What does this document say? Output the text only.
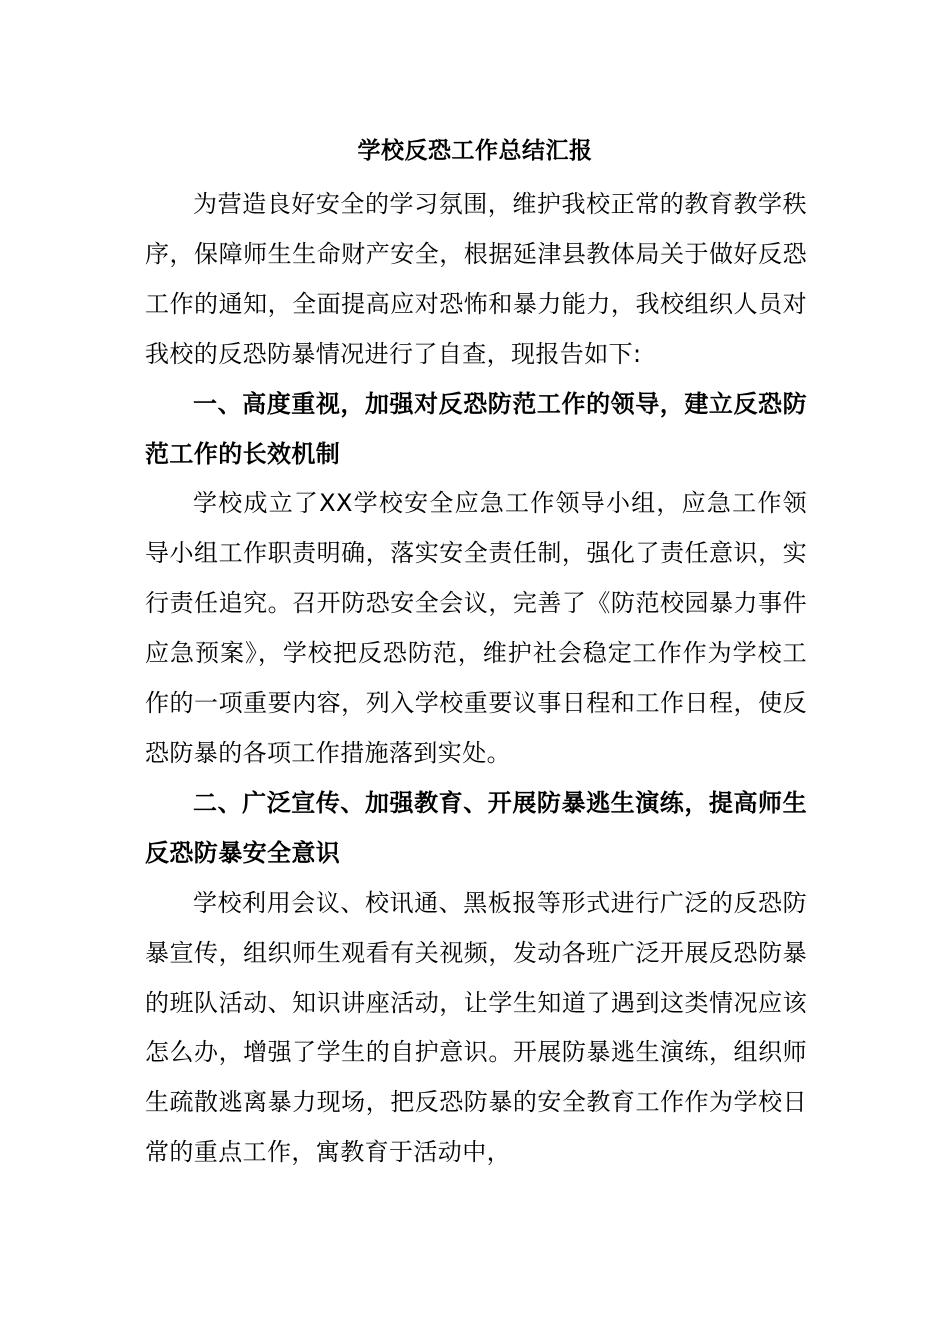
学校反恐工作总结汇报

为营造良好安全的学习氛围，维护我校正常的教育教学秩序，保障师生生命财产安全，根据延津县教体局关于做好反恐工作的通知，全面提高应对恐怖和暴力能力，我校组织人员对我校的反恐防暴情况进行了自查，现报告如下:

一、高度重视，加强对反恐防范工作的领导，建立反恐防范工作的长效机制

学校成立了XX学校安全应急工作领导小组，应急工作领导小组工作职责明确，落实安全责任制，强化了责任意识，实行责任追究。召开防恐安全会议，完善了《防范校园暴力事件应急预案》，学校把反恐防范，维护社会稳定工作作为学校工作的一项重要内容，列入学校重要议事日程和工作日程，使反恐防暴的各项工作措施落到实处。

二、广泛宣传、加强教育、开展防暴逃生演练，提高师生反恐防暴安全意识

学校利用会议、校讯通、黑板报等形式进行广泛的反恐防暴宣传，组织师生观看有关视频，发动各班广泛开展反恐防暴的班队活动、知识讲座活动，让学生知道了遇到这类情况应该怎么办，增强了学生的自护意识。开展防暴逃生演练，组织师生疏散逃离暴力现场，把反恐防暴的安全教育工作作为学校日常的重点工作，寓教育于活动中，
